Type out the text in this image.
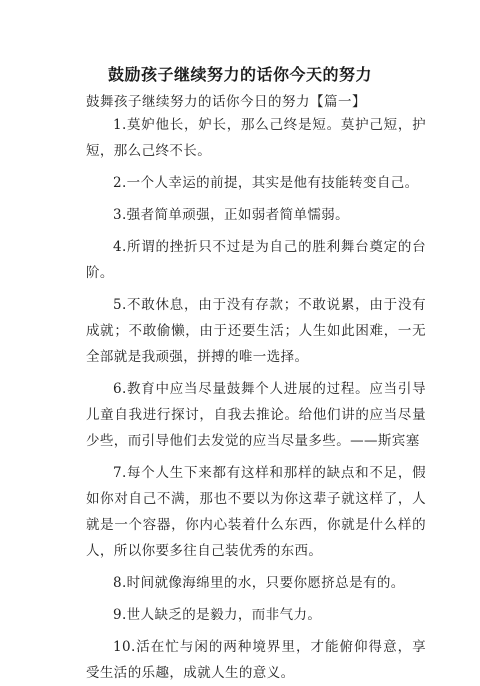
鼓励孩子继续努力的话你今天的努力
鼓舞孩子继续努力的话你今日的努力【篇一】

1.莫妒他长，妒长，那么己终是短。莫护己短，护短，那么己终不长。

2.一个人幸运的前提，其实是他有技能转变自己。

3.强者简单顽强，正如弱者简单懦弱。

4.所谓的挫折只不过是为自己的胜利舞台奠定的台阶。

5.不敢休息，由于没有存款；不敢说累，由于没有成就；不敢偷懒，由于还要生活；人生如此困难，一无全部就是我顽强，拼搏的唯一选择。

6.教育中应当尽量鼓舞个人进展的过程。应当引导儿童自我进行探讨，自我去推论。给他们讲的应当尽量少些，而引导他们去发觉的应当尽量多些。——斯宾塞

7.每个人生下来都有这样和那样的缺点和不足，假如你对自己不满，那也不要以为你这辈子就这样了，人就是一个容器，你内心装着什么东西，你就是什么样的人，所以你要多往自己装优秀的东西。

8.时间就像海绵里的水，只要你愿挤总是有的。

9.世人缺乏的是毅力，而非气力。

10.活在忙与闲的两种境界里，才能俯仰得意，享受生活的乐趣，成就人生的意义。
